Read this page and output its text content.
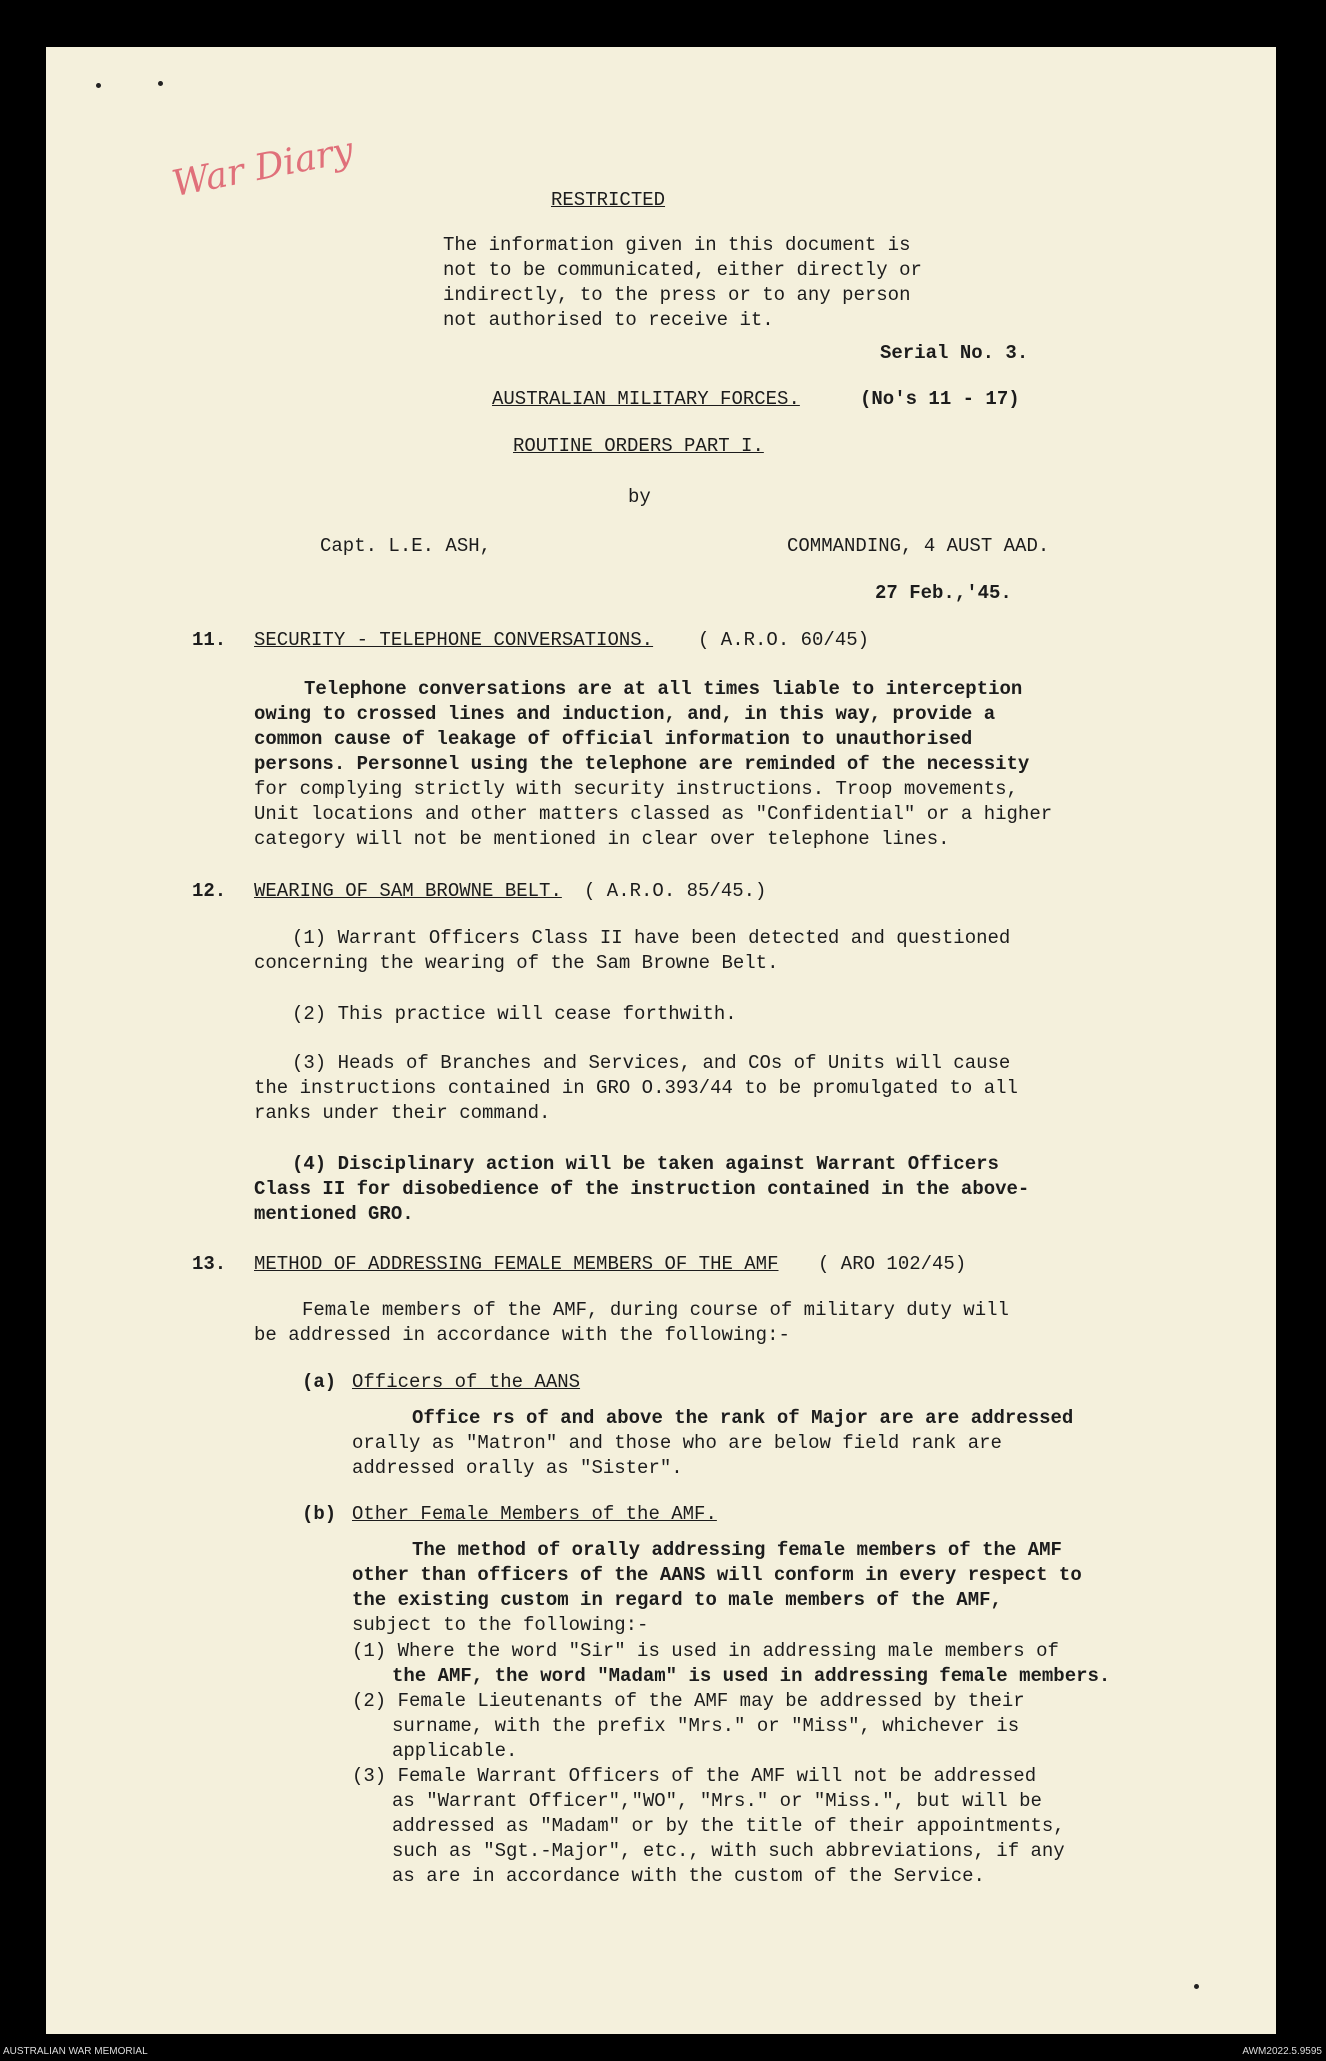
War Diary	RESTRICTED
The information given in this document is
not to be communicated, either directly or
indirectly, to the press or to any person
not authorised to receive it.
Serial No. 3.
AUSTRALIAN MILITARY FORCES.	(No's 11 - 17)
ROUTINE ORDERS PART I.
by
Capt. L.E. ASH,	COMMANDING, 4 AUST AAD.
27 Feb.,'45.
11. SECURITY - TELEPHONE CONVERSATIONS. ( A.R.O. 60/45)
Telephone conversations are at all times liable to interception
owing to crossed lines and induction, and, in this way, provide a
common cause of leakage of official information to unauthorised
persons. Personnel using the telephone are reminded of the necessity
for complying strictly with security instructions. Troop movements,
Unit locations and other matters classed as "Confidential" or a higher
category will not be mentioned in clear over telephone lines.
12. WEARING OF SAM BROWNE BELT. ( A.R.O. 85/45.)
(1) Warrant Officers Class II have been detected and questioned
concerning the wearing of the Sam Browne Belt.
(2) This practice will cease forthwith.
(3) Heads of Branches and Services, and COs of Units will cause
the instructions contained in GRO O.393/44 to be promulgated to all
ranks under their command.
(4) Disciplinary action will be taken against Warrant Officers
Class II for disobedience of the instruction contained in the above-
mentioned GRO.
13. METHOD OF ADDRESSING FEMALE MEMBERS OF THE AMF ( ARO 102/45)
Female members of the AMF, during course of military duty will
be addressed in accordance with the following:-
(a) Officers of the AANS
Office rs of and above the rank of Major are are addressed
orally as "Matron" and those who are below field rank are
addressed orally as "Sister".
(b) Other Female Members of the AMF.
The method of orally addressing female members of the AMF
other than officers of the AANS will conform in every respect to
the existing custom in regard to male members of the AMF,
subject to the following:-
(1) Where the word "Sir" is used in addressing male members of
the AMF, the word "Madam" is used in addressing female members.
(2) Female Lieutenants of the AMF may be addressed by their
surname, with the prefix "Mrs." or "Miss", whichever is
applicable.
(3) Female Warrant Officers of the AMF will not be addressed
as "Warrant Officer","WO", "Mrs." or "Miss.", but will be
addressed as "Madam" or by the title of their appointments,
such as "Sgt.-Major", etc., with such abbreviations, if any
as are in accordance with the custom of the Service.
AUSTRALIAN WAR MEMORIAL	AWM2022.5.9595
